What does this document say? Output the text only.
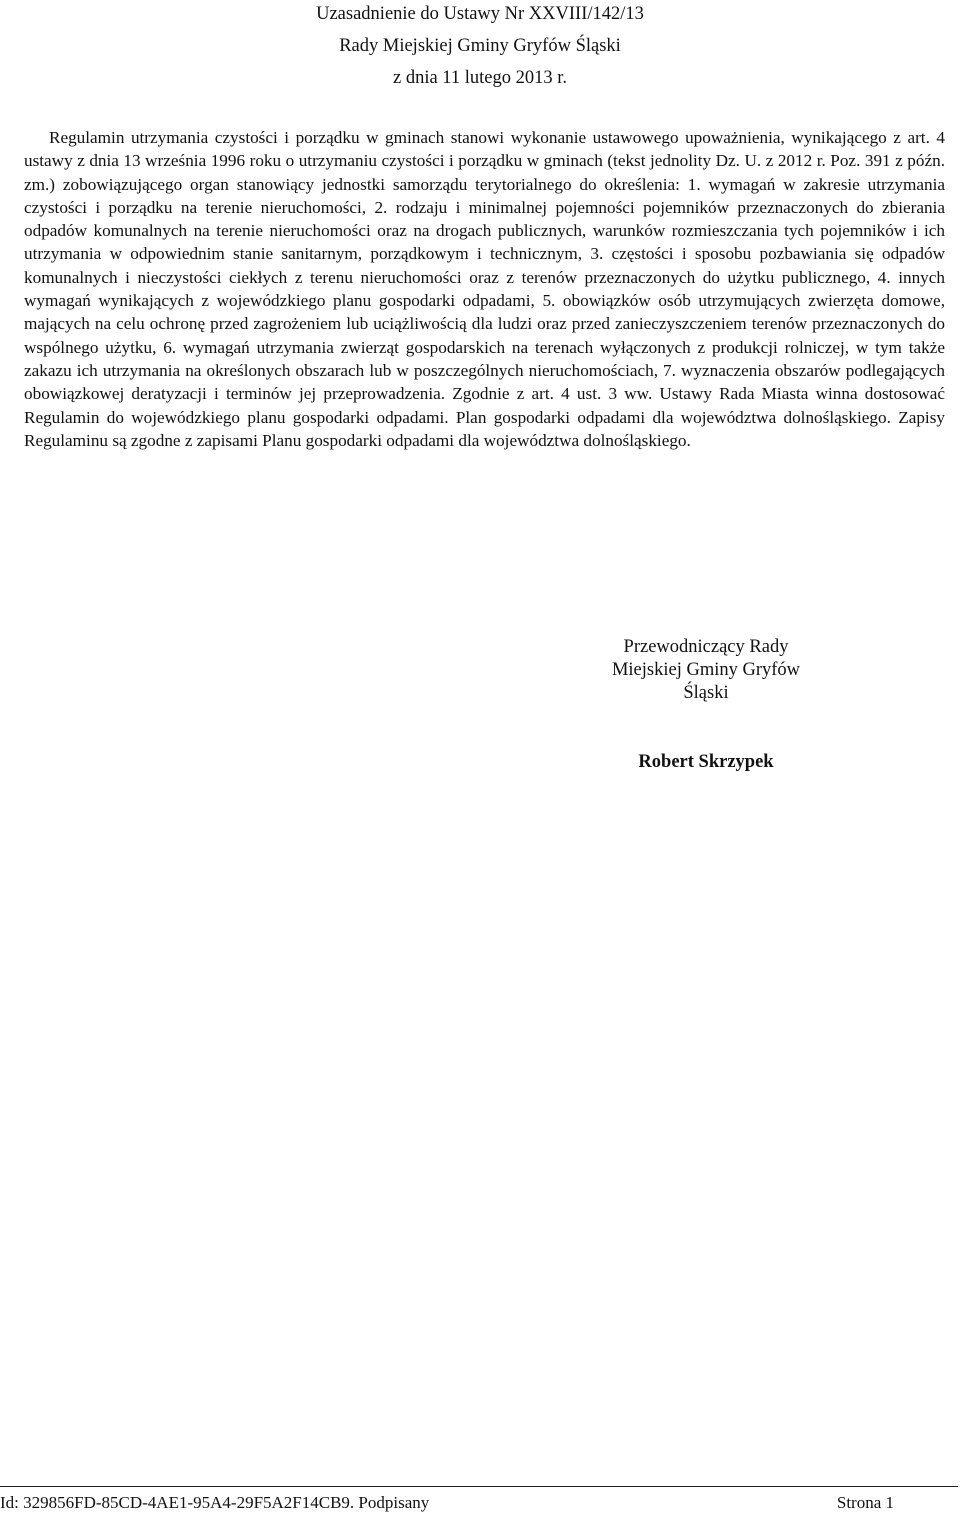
Uzasadnienie do Ustawy Nr XXVIII/142/13
Rady Miejskiej Gminy Gryfów Śląski
z dnia 11 lutego 2013 r.

Regulamin utrzymania czystości i porządku w gminach stanowi wykonanie ustawowego upoważnienia, wynikającego z art. 4 ustawy z dnia 13 września 1996 roku o utrzymaniu czystości i porządku w gminach (tekst jednolity Dz. U. z 2012 r. Poz. 391 z późn. zm.) zobowiązującego organ stanowiący jednostki samorządu terytorialnego do określenia: 1. wymagań w zakresie utrzymania czystości i porządku na terenie nieruchomości, 2. rodzaju i minimalnej pojemności pojemników przeznaczonych do zbierania odpadów komunalnych na terenie nieruchomości oraz na drogach publicznych, warunków rozmieszczania tych pojemników i ich utrzymania w odpowiednim stanie sanitarnym, porządkowym i technicznym, 3. częstości i sposobu pozbawiania się odpadów komunalnych i nieczystości ciekłych z terenu nieruchomości oraz z terenów przeznaczonych do użytku publicznego, 4. innych wymagań wynikających z wojewódzkiego planu gospodarki odpadami, 5. obowiązków osób utrzymujących zwierzęta domowe, mających na celu ochronę przed zagrożeniem lub uciążliwością dla ludzi oraz przed zanieczyszczeniem terenów przeznaczonych do wspólnego użytku, 6. wymagań utrzymania zwierząt gospodarskich na terenach wyłączonych z produkcji rolniczej, w tym także zakazu ich utrzymania na określonych obszarach lub w poszczególnych nieruchomościach, 7. wyznaczenia obszarów podlegających obowiązkowej deratyzacji i terminów jej przeprowadzenia. Zgodnie z art. 4 ust. 3 ww. Ustawy Rada Miasta winna dostosować Regulamin do wojewódzkiego planu gospodarki odpadami. Plan gospodarki odpadami dla województwa dolnośląskiego. Zapisy Regulaminu są zgodne z zapisami Planu gospodarki odpadami dla województwa dolnośląskiego.

Przewodniczący Rady
Miejskiej Gminy Gryfów
Śląski
Robert Skrzypek
Id: 329856FD-85CD-4AE1-95A4-29F5A2F14CB9. Podpisany	Strona 1
